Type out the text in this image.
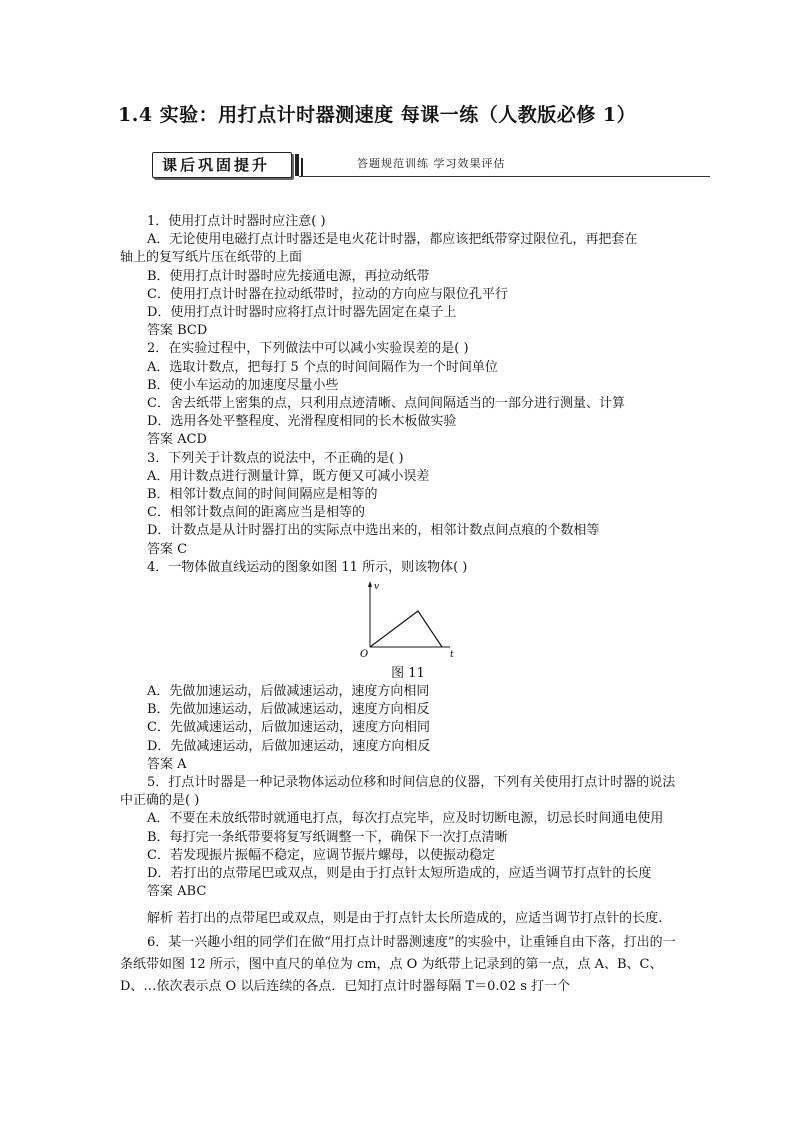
1.4 实验：用打点计时器测速度 每课一练（人教版必修 1）
课后巩固提升	答题规范训练 学习效果评估
1．使用打点计时器时应注意( )
A．无论使用电磁打点计时器还是电火花计时器，都应该把纸带穿过限位孔，再把套在
轴上的复写纸片压在纸带的上面
B．使用打点计时器时应先接通电源，再拉动纸带
C．使用打点计时器在拉动纸带时，拉动的方向应与限位孔平行
D．使用打点计时器时应将打点计时器先固定在桌子上
答案 BCD
2．在实验过程中，下列做法中可以减小实验误差的是( )
A．选取计数点，把每打 5 个点的时间间隔作为一个时间单位
B．使小车运动的加速度尽量小些
C．舍去纸带上密集的点，只利用点迹清晰、点间间隔适当的一部分进行测量、计算
D．选用各处平整程度、光滑程度相同的长木板做实验
答案 ACD
3．下列关于计数点的说法中，不正确的是( )
A．用计数点进行测量计算，既方便又可减小误差
B．相邻计数点间的时间间隔应是相等的
C．相邻计数点间的距离应当是相等的
D．计数点是从计时器打出的实际点中选出来的，相邻计数点间点痕的个数相等
答案 C
4．一物体做直线运动的图象如图 11 所示，则该物体( )
v
t
O
图 11
A．先做加速运动，后做减速运动，速度方向相同
B．先做加速运动，后做减速运动，速度方向相反
C．先做减速运动，后做加速运动，速度方向相同
D．先做减速运动，后做加速运动，速度方向相反
答案 A
5．打点计时器是一种记录物体运动位移和时间信息的仪器，下列有关使用打点计时器的说法中正确的是( )
A．不要在未放纸带时就通电打点，每次打点完毕，应及时切断电源，切忌长时间通电使用
B．每打完一条纸带要将复写纸调整一下，确保下一次打点清晰
C．若发现振片振幅不稳定，应调节振片螺母，以使振动稳定
D．若打出的点带尾巴或双点，则是由于打点针太短所造成的，应适当调节打点针的长度
答案 ABC
解析 若打出的点带尾巴或双点，则是由于打点针太长所造成的，应适当调节打点针的长度.
6．某一兴趣小组的同学们在做“用打点计时器测速度”的实验中，让重锤自由下落，打出的一条纸带如图 12 所示，图中直尺的单位为 cm，点 O 为纸带上记录到的第一点，点 A、B、C、D、…依次表示点 O 以后连续的各点．已知打点计时器每隔 T＝0.02 s 打一个
